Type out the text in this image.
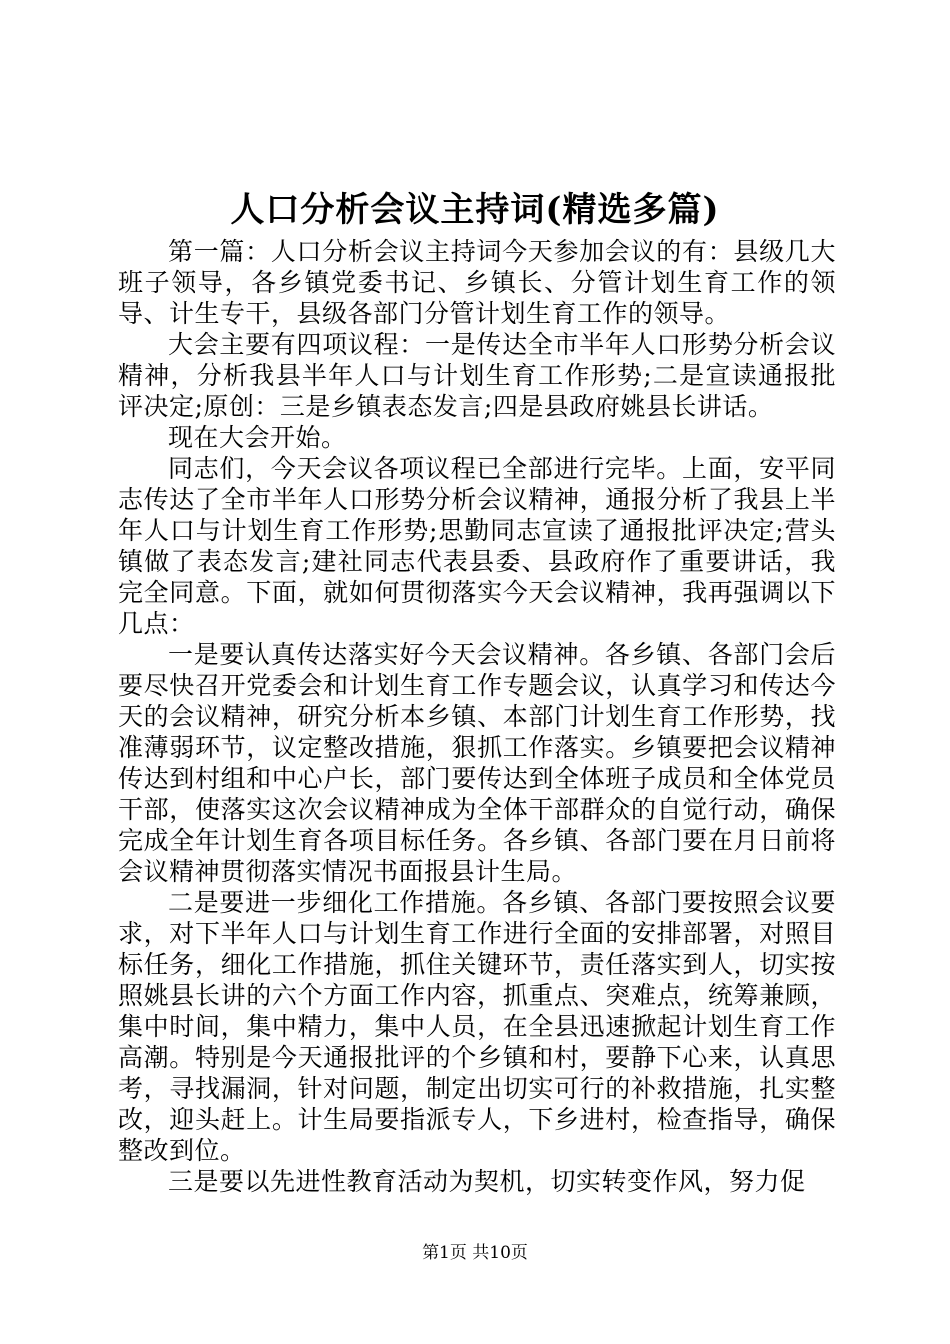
人口分析会议主持词(精选多篇)

第一篇：人口分析会议主持词今天参加会议的有：县级几大班子领导，各乡镇党委书记、乡镇长、分管计划生育工作的领导、计生专干，县级各部门分管计划生育工作的领导。

大会主要有四项议程：一是传达全市半年人口形势分析会议精神，分析我县半年人口与计划生育工作形势;二是宣读通报批评决定;原创：三是乡镇表态发言;四是县政府姚县长讲话。

现在大会开始。

同志们，今天会议各项议程已全部进行完毕。上面，安平同志传达了全市半年人口形势分析会议精神，通报分析了我县上半年人口与计划生育工作形势;思勤同志宣读了通报批评决定;营头镇做了表态发言;建社同志代表县委、县政府作了重要讲话，我完全同意。下面，就如何贯彻落实今天会议精神，我再强调以下几点：

一是要认真传达落实好今天会议精神。各乡镇、各部门会后要尽快召开党委会和计划生育工作专题会议，认真学习和传达今天的会议精神，研究分析本乡镇、本部门计划生育工作形势，找准薄弱环节，议定整改措施，狠抓工作落实。乡镇要把会议精神传达到村组和中心户长，部门要传达到全体班子成员和全体党员干部，使落实这次会议精神成为全体干部群众的自觉行动，确保完成全年计划生育各项目标任务。各乡镇、各部门要在月日前将会议精神贯彻落实情况书面报县计生局。

二是要进一步细化工作措施。各乡镇、各部门要按照会议要求，对下半年人口与计划生育工作进行全面的安排部署，对照目标任务，细化工作措施，抓住关键环节，责任落实到人，切实按照姚县长讲的六个方面工作内容，抓重点、突难点，统筹兼顾，集中时间，集中精力，集中人员，在全县迅速掀起计划生育工作高潮。特别是今天通报批评的个乡镇和村，要静下心来，认真思考，寻找漏洞，针对问题，制定出切实可行的补救措施，扎实整改，迎头赶上。计生局要指派专人，下乡进村，检查指导，确保整改到位。

三是要以先进性教育活动为契机，切实转变作风，努力促

第1页 共10页
